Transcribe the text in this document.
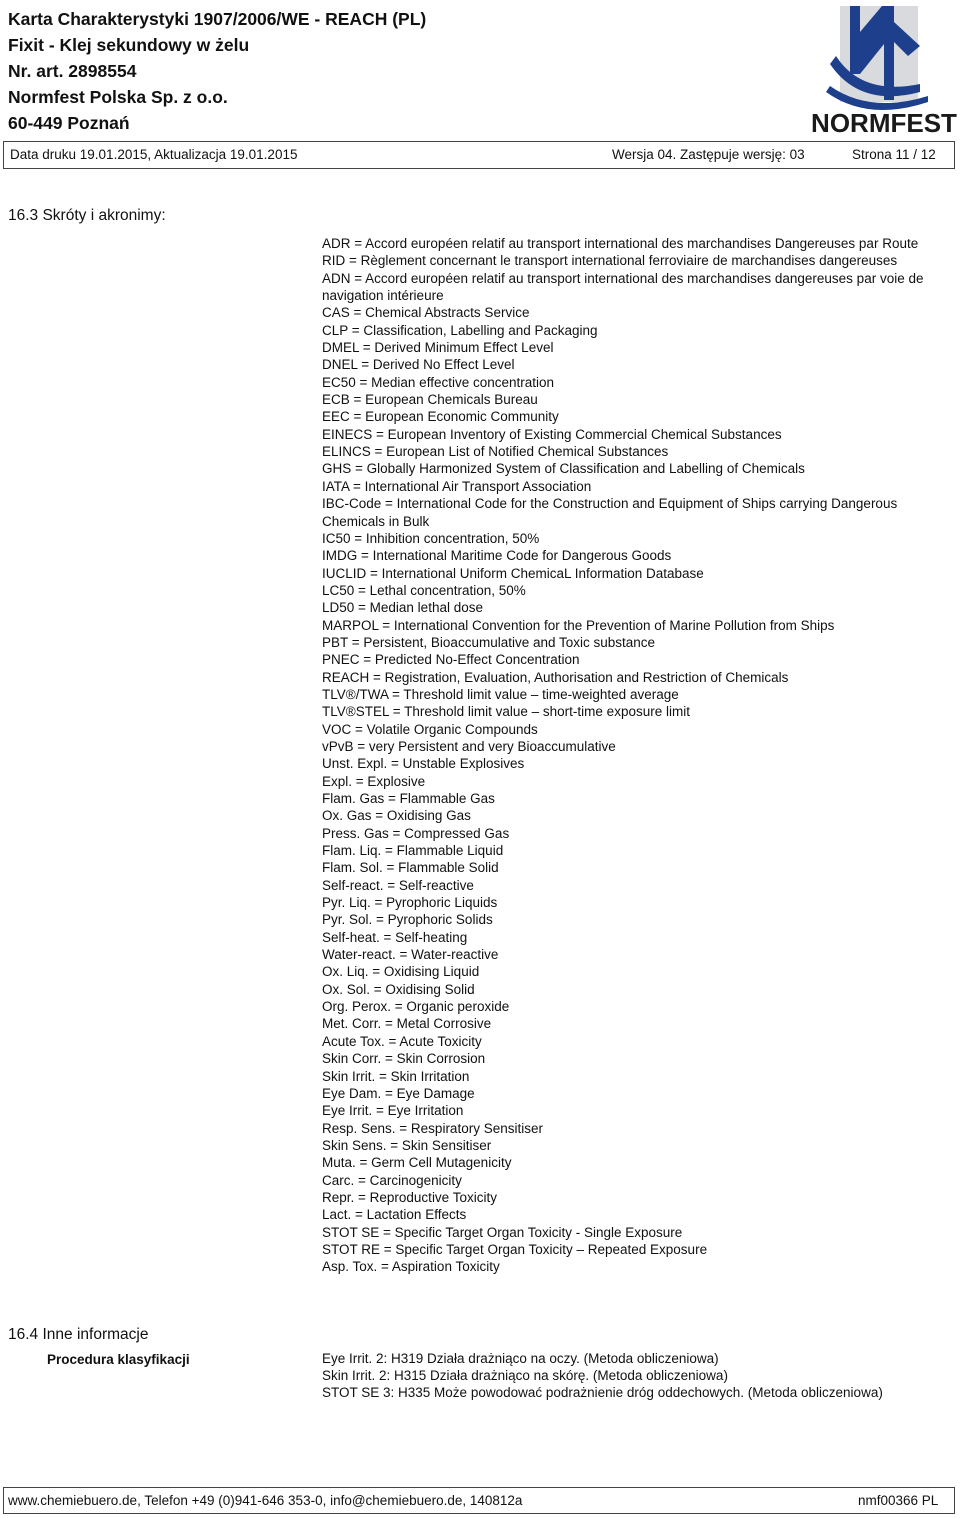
Karta Charakterystyki 1907/2006/WE - REACH (PL)
Fixit - Klej sekundowy w żelu
Nr. art. 2898554
Normfest Polska Sp. z o.o.
60-449 Poznań	NORMFEST
Data druku 19.01.2015, Aktualizacja 19.01.2015	Wersja 04. Zastępuje wersję: 03	Strona 11 / 12
16.3 Skróty i akronimy:
ADR = Accord européen relatif au transport international des marchandises Dangereuses par Route
RID = Règlement concernant le transport international ferroviaire de marchandises dangereuses
ADN = Accord européen relatif au transport international des marchandises dangereuses par voie de navigation intérieure
CAS = Chemical Abstracts Service
CLP = Classification, Labelling and Packaging
DMEL = Derived Minimum Effect Level
DNEL = Derived No Effect Level
EC50 = Median effective concentration
ECB = European Chemicals Bureau
EEC = European Economic Community
EINECS = European Inventory of Existing Commercial Chemical Substances
ELINCS = European List of Notified Chemical Substances
GHS = Globally Harmonized System of Classification and Labelling of Chemicals
IATA = International Air Transport Association
IBC-Code = International Code for the Construction and Equipment of Ships carrying Dangerous Chemicals in Bulk
IC50 = Inhibition concentration, 50%
IMDG = International Maritime Code for Dangerous Goods
IUCLID = International Uniform ChemicaL Information Database
LC50 = Lethal concentration, 50%
LD50 = Median lethal dose
MARPOL = International Convention for the Prevention of Marine Pollution from Ships
PBT = Persistent, Bioaccumulative and Toxic substance
PNEC = Predicted No-Effect Concentration
REACH = Registration, Evaluation, Authorisation and Restriction of Chemicals
TLV®/TWA = Threshold limit value – time-weighted average
TLV®STEL = Threshold limit value – short-time exposure limit
VOC = Volatile Organic Compounds
vPvB = very Persistent and very Bioaccumulative
Unst. Expl. = Unstable Explosives
Expl. = Explosive
Flam. Gas = Flammable Gas
Ox. Gas = Oxidising Gas
Press. Gas = Compressed Gas
Flam. Liq. = Flammable Liquid
Flam. Sol. = Flammable Solid
Self-react. = Self-reactive
Pyr. Liq. = Pyrophoric Liquids
Pyr. Sol. = Pyrophoric Solids
Self-heat. = Self-heating
Water-react. = Water-reactive
Ox. Liq. = Oxidising Liquid
Ox. Sol. = Oxidising Solid
Org. Perox. = Organic peroxide
Met. Corr. = Metal Corrosive
Acute Tox. = Acute Toxicity
Skin Corr. = Skin Corrosion
Skin Irrit. = Skin Irritation
Eye Dam. = Eye Damage
Eye Irrit. = Eye Irritation
Resp. Sens. = Respiratory Sensitiser
Skin Sens. = Skin Sensitiser
Muta. = Germ Cell Mutagenicity
Carc. = Carcinogenicity
Repr. = Reproductive Toxicity
Lact. = Lactation Effects
STOT SE = Specific Target Organ Toxicity - Single Exposure
STOT RE = Specific Target Organ Toxicity – Repeated Exposure
Asp. Tox. = Aspiration Toxicity
16.4 Inne informacje
Procedura klasyfikacji	Eye Irrit. 2: H319 Działa drażniąco na oczy. (Metoda obliczeniowa)
Skin Irrit. 2: H315 Działa drażniąco na skórę. (Metoda obliczeniowa)
STOT SE 3: H335 Może powodować podrażnienie dróg oddechowych. (Metoda obliczeniowa)
www.chemiebuero.de, Telefon +49 (0)941-646 353-0, info@chemiebuero.de, 140812a	nmf00366 PL
